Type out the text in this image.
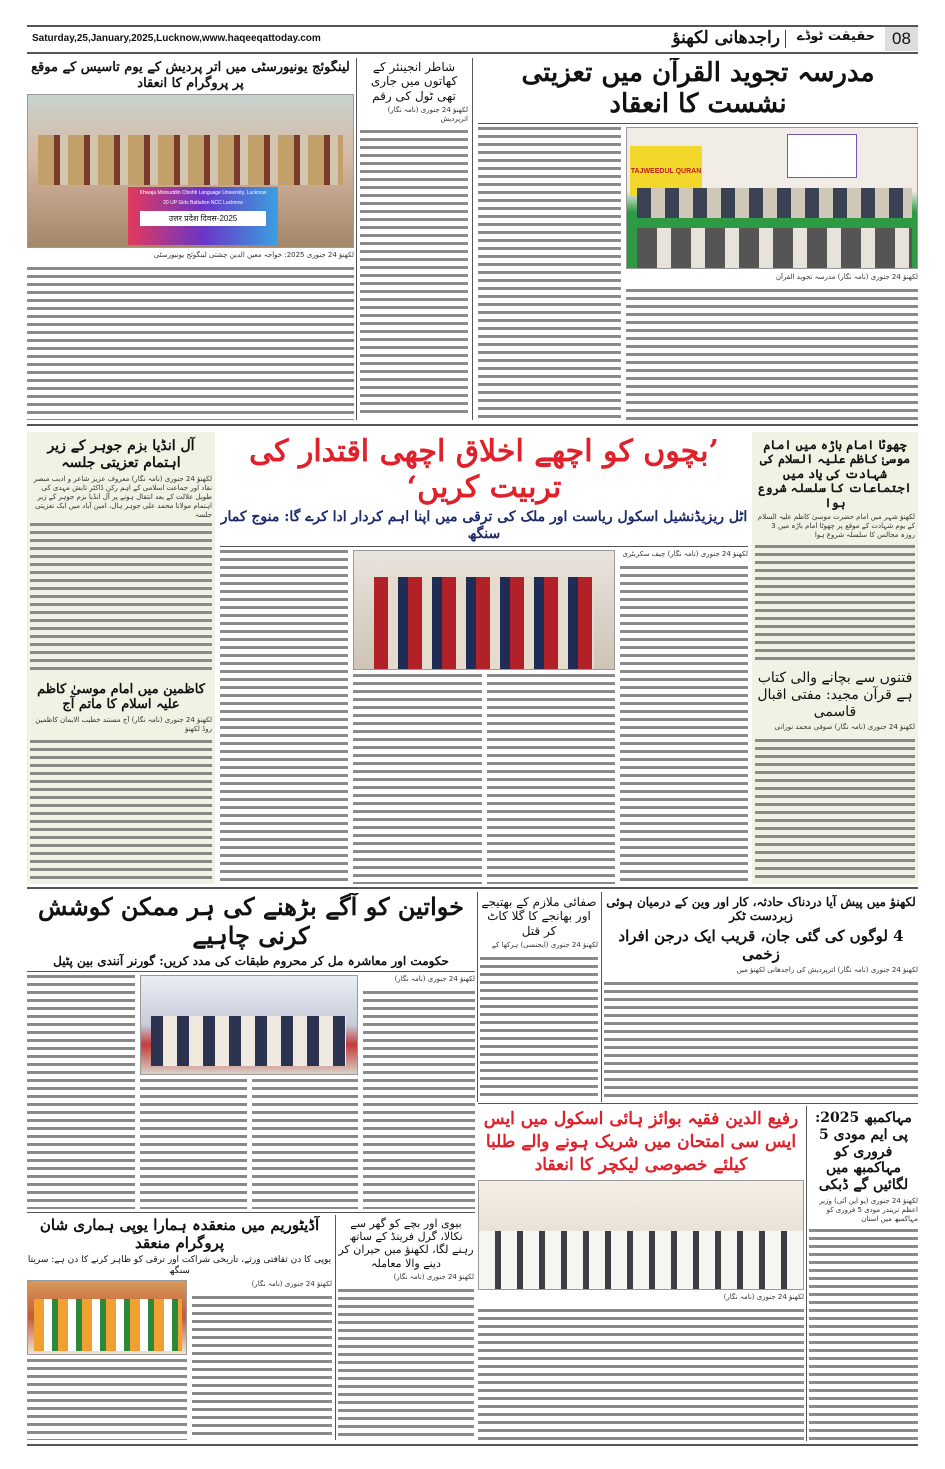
Saturday,25,January,2025,Lucknow,www.haqeeqattoday.com	راجدھانی لکھنؤ	حقیقت ٹوڈے 08
مدرسہ تجوید القرآن میں تعزیتی نشست کا انعقاد
TAJWEEDUL QURAN
لکھنؤ 24 جنوری (نامہ نگار) مدرسہ تجوید القرآن
شاطر انجینئر کے کھاتوں میں جاری تھی ٹول کی رقم
لکھنؤ 24 جنوری (نامہ نگار) اترپردیش
لینگوئج یونیورسٹی میں اتر پردیش کے یوم تاسیس کے موقع پر پروگرام کا انعقاد
Khwaja Moinuddin Chishti Language University, Lucknow
20 UP Girls Battalion NCC Lucknow
उत्तर प्रदेश दिवस-2025
لکھنؤ 24 جنوری 2025: خواجہ معین الدین چشتی لینگوئج یونیورسٹی
آل انڈیا بزم جوہر کے زیر اہتمام تعزیتی جلسہ
لکھنؤ 24 جنوری (نامہ نگار) معروف عزیز شاعر و ادیب مبصر نقاد اور جماعت اسلامی کے اہم رکن ڈاکٹر تابش مہدی کی طویل علالت کے بعد انتقال ہونے پر آل انڈیا بزم جوہر کے زیر اہتمام مولانا محمد علی جوہر ہال، امین آباد میں ایک تعزیتی جلسہ
کاظمین میں امام موسیٰ کاظم علیہ اسلام کا ماتم آج
لکھنؤ 24 جنوری (نامہ نگار) آج مستند خطیب الایمان کاظمین روڈ لکھنؤ
’بچوں کو اچھے اخلاق اچھی اقتدار کی تربیت کریں‘
اٹل ریزیڈنشیل اسکول ریاست اور ملک کی ترقی میں اپنا اہم کردار ادا کرے گا: منوج کمار سنگھ
لکھنؤ 24 جنوری (نامہ نگار) چیف سکریٹری
چھوٹا امام باڑہ میں امام موسیٰ کاظم علیہ السلام کی شہادت کی یاد میں اجتماعات کا سلسلہ شروع ہوا
لکھنؤ شہر میں امام حضرت موسیٰ کاظم علیہ السلام کے یوم شہادت کے موقع پر چھوٹا امام باڑہ میں 3 روزہ مجالس کا سلسلہ شروع ہوا
فتنوں سے بچانے والی کتاب ہے قرآن مجید: مفتی اقبال قاسمی
لکھنؤ 24 جنوری (نامہ نگار) صوفی محمد نورانی
خواتین کو آگے بڑھنے کی ہر ممکن کوشش کرنی چاہیے
حکومت اور معاشرہ مل کر محروم طبقات کی مدد کریں: گورنر آنندی بین پٹیل
لکھنؤ 24 جنوری (نامہ نگار)
صفائی ملازم کے بھتیجے اور بھانجے کا گلا کاٹ کر قتل
لکھنؤ 24 جنوری (ایجنسی) ہرکھا کے
لکھنؤ میں پیش آیا دردناک حادثہ، کار اور وین کے درمیان ہوئی زبردست ٹکر
4 لوگوں کی گئی جان، قریب ایک درجن افراد زخمی
لکھنؤ 24 جنوری (نامہ نگار) اترپردیش کی راجدھانی لکھنؤ میں
رفیع الدین فقیہ بوائز ہائی اسکول میں ایس ایس سی امتحان میں شریک ہونے والے طلبا کیلئے خصوصی لیکچر کا انعقاد
لکھنؤ 24 جنوری (نامہ نگار)
مہاکمبھ 2025: پی ایم مودی 5 فروری کو مہاکمبھ میں لگائیں گے ڈبکی
لکھنؤ 24 جنوری (یو این آئی) وزیر اعظم نریندر مودی 5 فروری کو مہاکمبھ میں اسنان
آڈیٹوریم میں منعقدہ ہمارا یوپی ہماری شان پروگرام منعقد
یوپی کا دن ثقافتی ورثے، تاریخی شراکت اور ترقی کو ظاہر کرنے کا دن ہے: سریتا سنگھ
لکھنؤ 24 جنوری (نامہ نگار)
بیوی اور بچے کو گھر سے نکالا، گرل فرینڈ کے ساتھ رہنے لگا، لکھنؤ میں حیران کر دینے والا معاملہ
لکھنؤ 24 جنوری (نامہ نگار)
